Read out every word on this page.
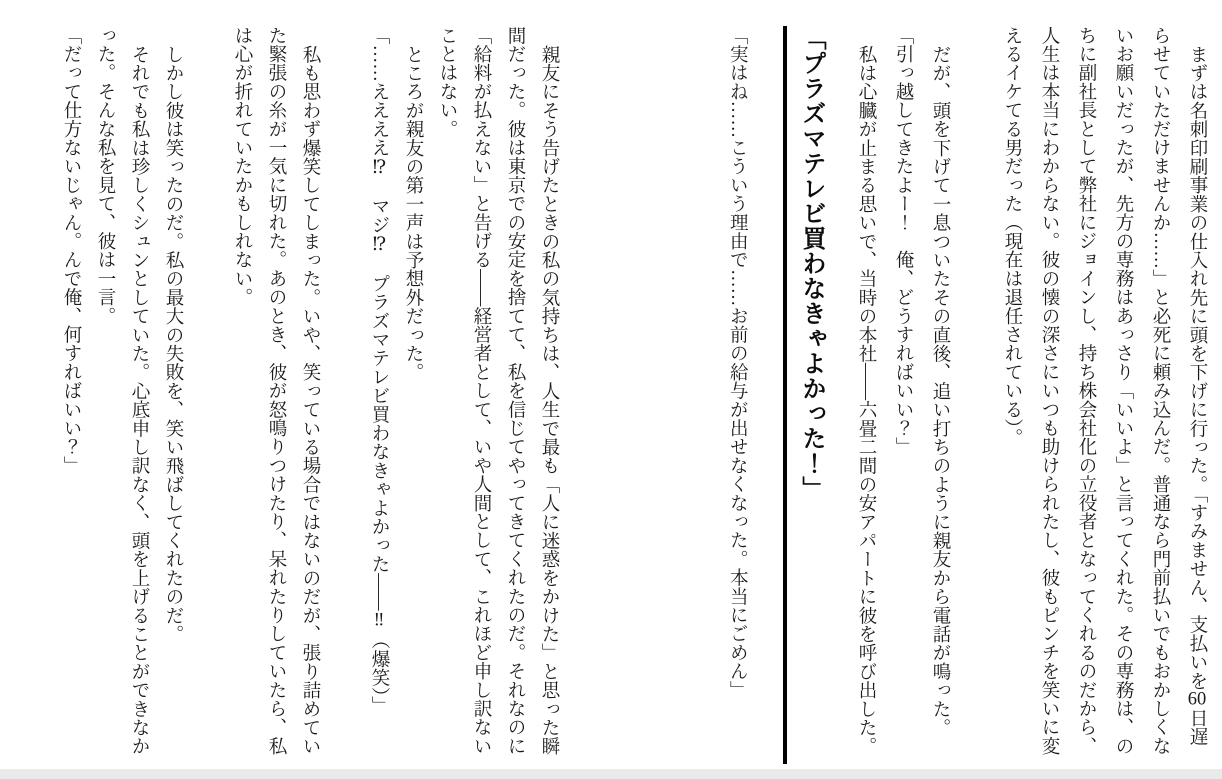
まずは名刺印刷事業の仕入れ先に頭を下げに行った。「すみません、支払いを60日遅らせていただけませんか……」と必死に頼み込んだ。普通なら門前払いでもおかしくないお願いだったが、先方の専務はあっさり「いいよ」と言ってくれた。その専務は、のちに副社長として弊社にジョインし、持ち株会社化の立役者となってくれるのだから、人生は本当にわからない。彼の懐の深さにいつも助けられたし、彼もピンチを笑いに変えるイケてる男だった（現在は退任されている）。

だが、頭を下げて一息ついたその直後、追い打ちのように親友から電話が鳴った。

「引っ越してきたよー！　俺、どうすればいい？」

私は心臓が止まる思いで、当時の本社――六畳二間の安アパートに彼を呼び出した。

「プラズマテレビ買わなきゃよかった！」

「実はね……こういう理由で……お前の給与が出せなくなった。本当にごめん」

親友にそう告げたときの私の気持ちは、人生で最も「人に迷惑をかけた」と思った瞬間だった。彼は東京での安定を捨てて、私を信じてやってきてくれたのだ。それなのに「給料が払えない」と告げる――経営者として、いや人間として、これほど申し訳ないことはない。

ところが親友の第一声は予想外だった。

「……ええええ⁉　マジ⁉　プラズマテレビ買わなきゃよかった――‼（爆笑）」

私も思わず爆笑してしまった。いや、笑っている場合ではないのだが、張り詰めていた緊張の糸が一気に切れた。あのとき、彼が怒鳴りつけたり、呆れたりしていたら、私は心が折れていたかもしれない。

しかし彼は笑ったのだ。私の最大の失敗を、笑い飛ばしてくれたのだ。

それでも私は珍しくシュンとしていた。心底申し訳なく、頭を上げることができなかった。そんな私を見て、彼は一言。

「だって仕方ないじゃん。んで俺、何すればいい？」
